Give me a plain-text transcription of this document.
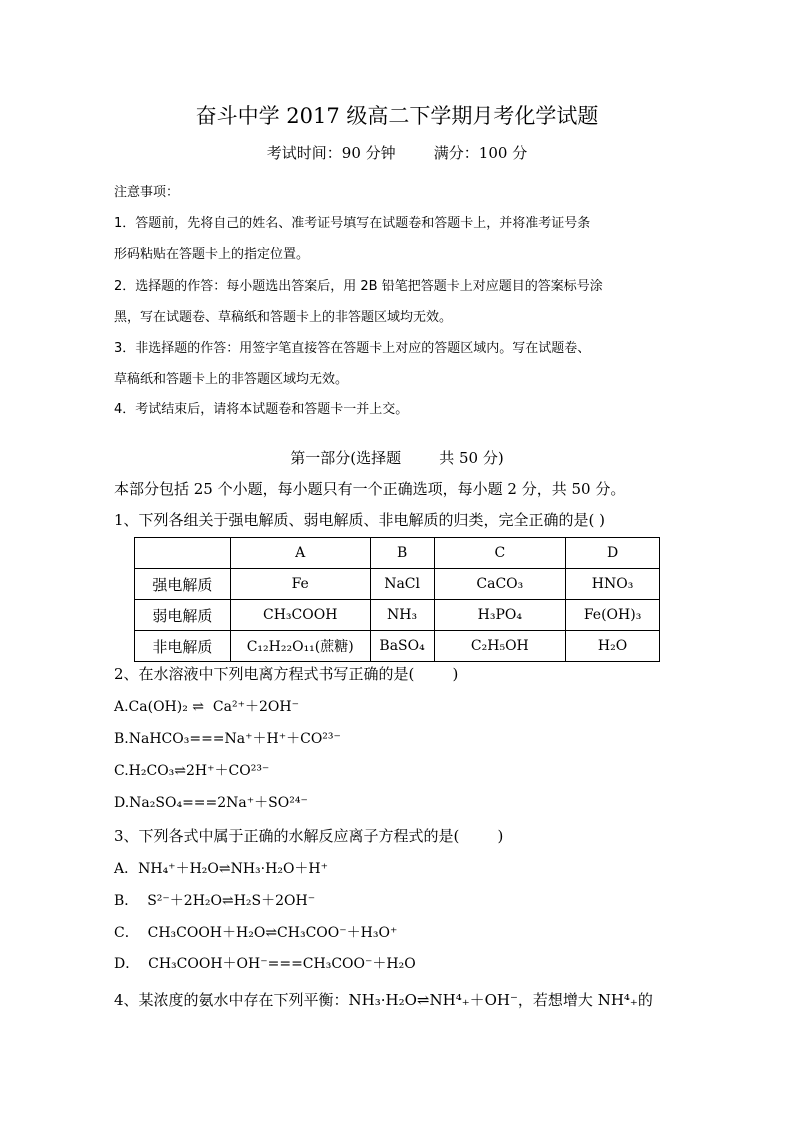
奋斗中学 2017 级高二下学期月考化学试题
考试时间：90 分钟        满分：100 分
注意事项：
1．答题前，先将自己的姓名、准考证号填写在试题卷和答题卡上，并将准考证号条
形码粘贴在答题卡上的指定位置。
2．选择题的作答：每小题选出答案后，用 2B 铅笔把答题卡上对应题目的答案标号涂
黑，写在试题卷、草稿纸和答题卡上的非答题区域均无效。
3．非选择题的作答：用签字笔直接答在答题卡上对应的答题区域内。写在试题卷、
草稿纸和答题卡上的非答题区域均无效。
4．考试结束后，请将本试题卷和答题卡一并上交。
第一部分(选择题        共 50 分)
本部分包括 25 个小题，每小题只有一个正确选项，每小题 2 分，共 50 分。
1、下列各组关于强电解质、弱电解质、非电解质的归类，完全正确的是( )
	A	B	C	D
强电解质	Fe	NaCl	CaCO₃	HNO₃
弱电解质	CH₃COOH	NH₃	H₃PO₄	Fe(OH)₃
非电解质	C₁₂H₂₂O₁₁(蔗糖)	BaSO₄	C₂H₅OH	H₂O
2、在水溶液中下列电离方程式书写正确的是(        )
A.Ca(OH)₂ ⇌  Ca²⁺＋2OH⁻
B.NaHCO₃===Na⁺＋H⁺＋CO²³⁻
C.H₂CO₃⇌2H⁺＋CO²³⁻
D.Na₂SO₄===2Na⁺＋SO²⁴⁻
3、下列各式中属于正确的水解反应离子方程式的是(        )
A．NH₄⁺＋H₂O⇌NH₃·H₂O＋H⁺
B．  S²⁻＋2H₂O⇌H₂S＋2OH⁻
C．  CH₃COOH＋H₂O⇌CH₃COO⁻＋H₃O⁺
D．  CH₃COOH＋OH⁻===CH₃COO⁻＋H₂O
4、某浓度的氨水中存在下列平衡：NH₃·H₂O⇌NH⁴₊＋OH⁻，若想增大 NH⁴₊的
